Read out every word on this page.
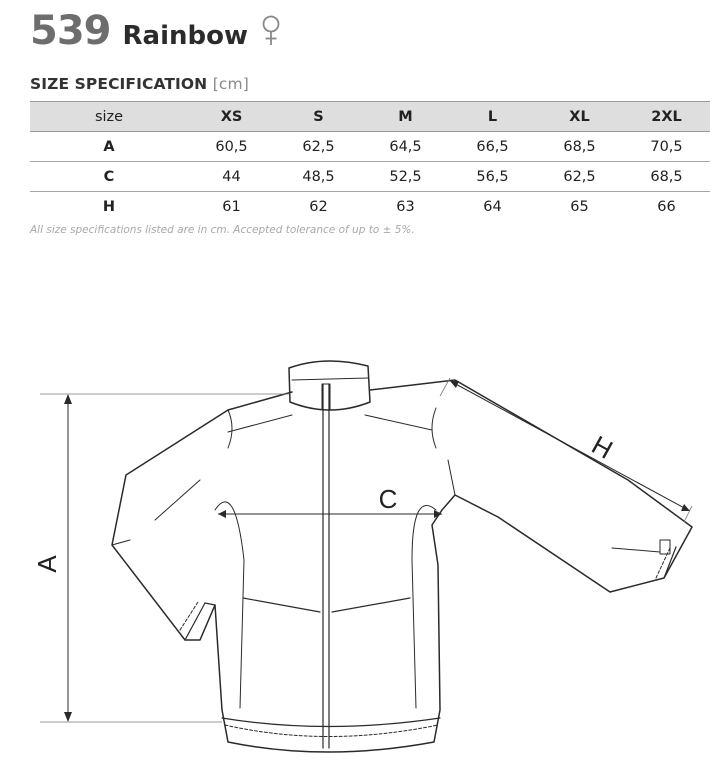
539 Rainbow
SIZE SPECIFICATION [cm]
size	XS	S	M	L	XL	2XL
A	60,5	62,5	64,5	66,5	68,5	70,5
C	44	48,5	52,5	56,5	62,5	68,5
H	61	62	63	64	65	66
All size specifications listed are in cm. Accepted tolerance of up to ± 5%.
A
C
H
